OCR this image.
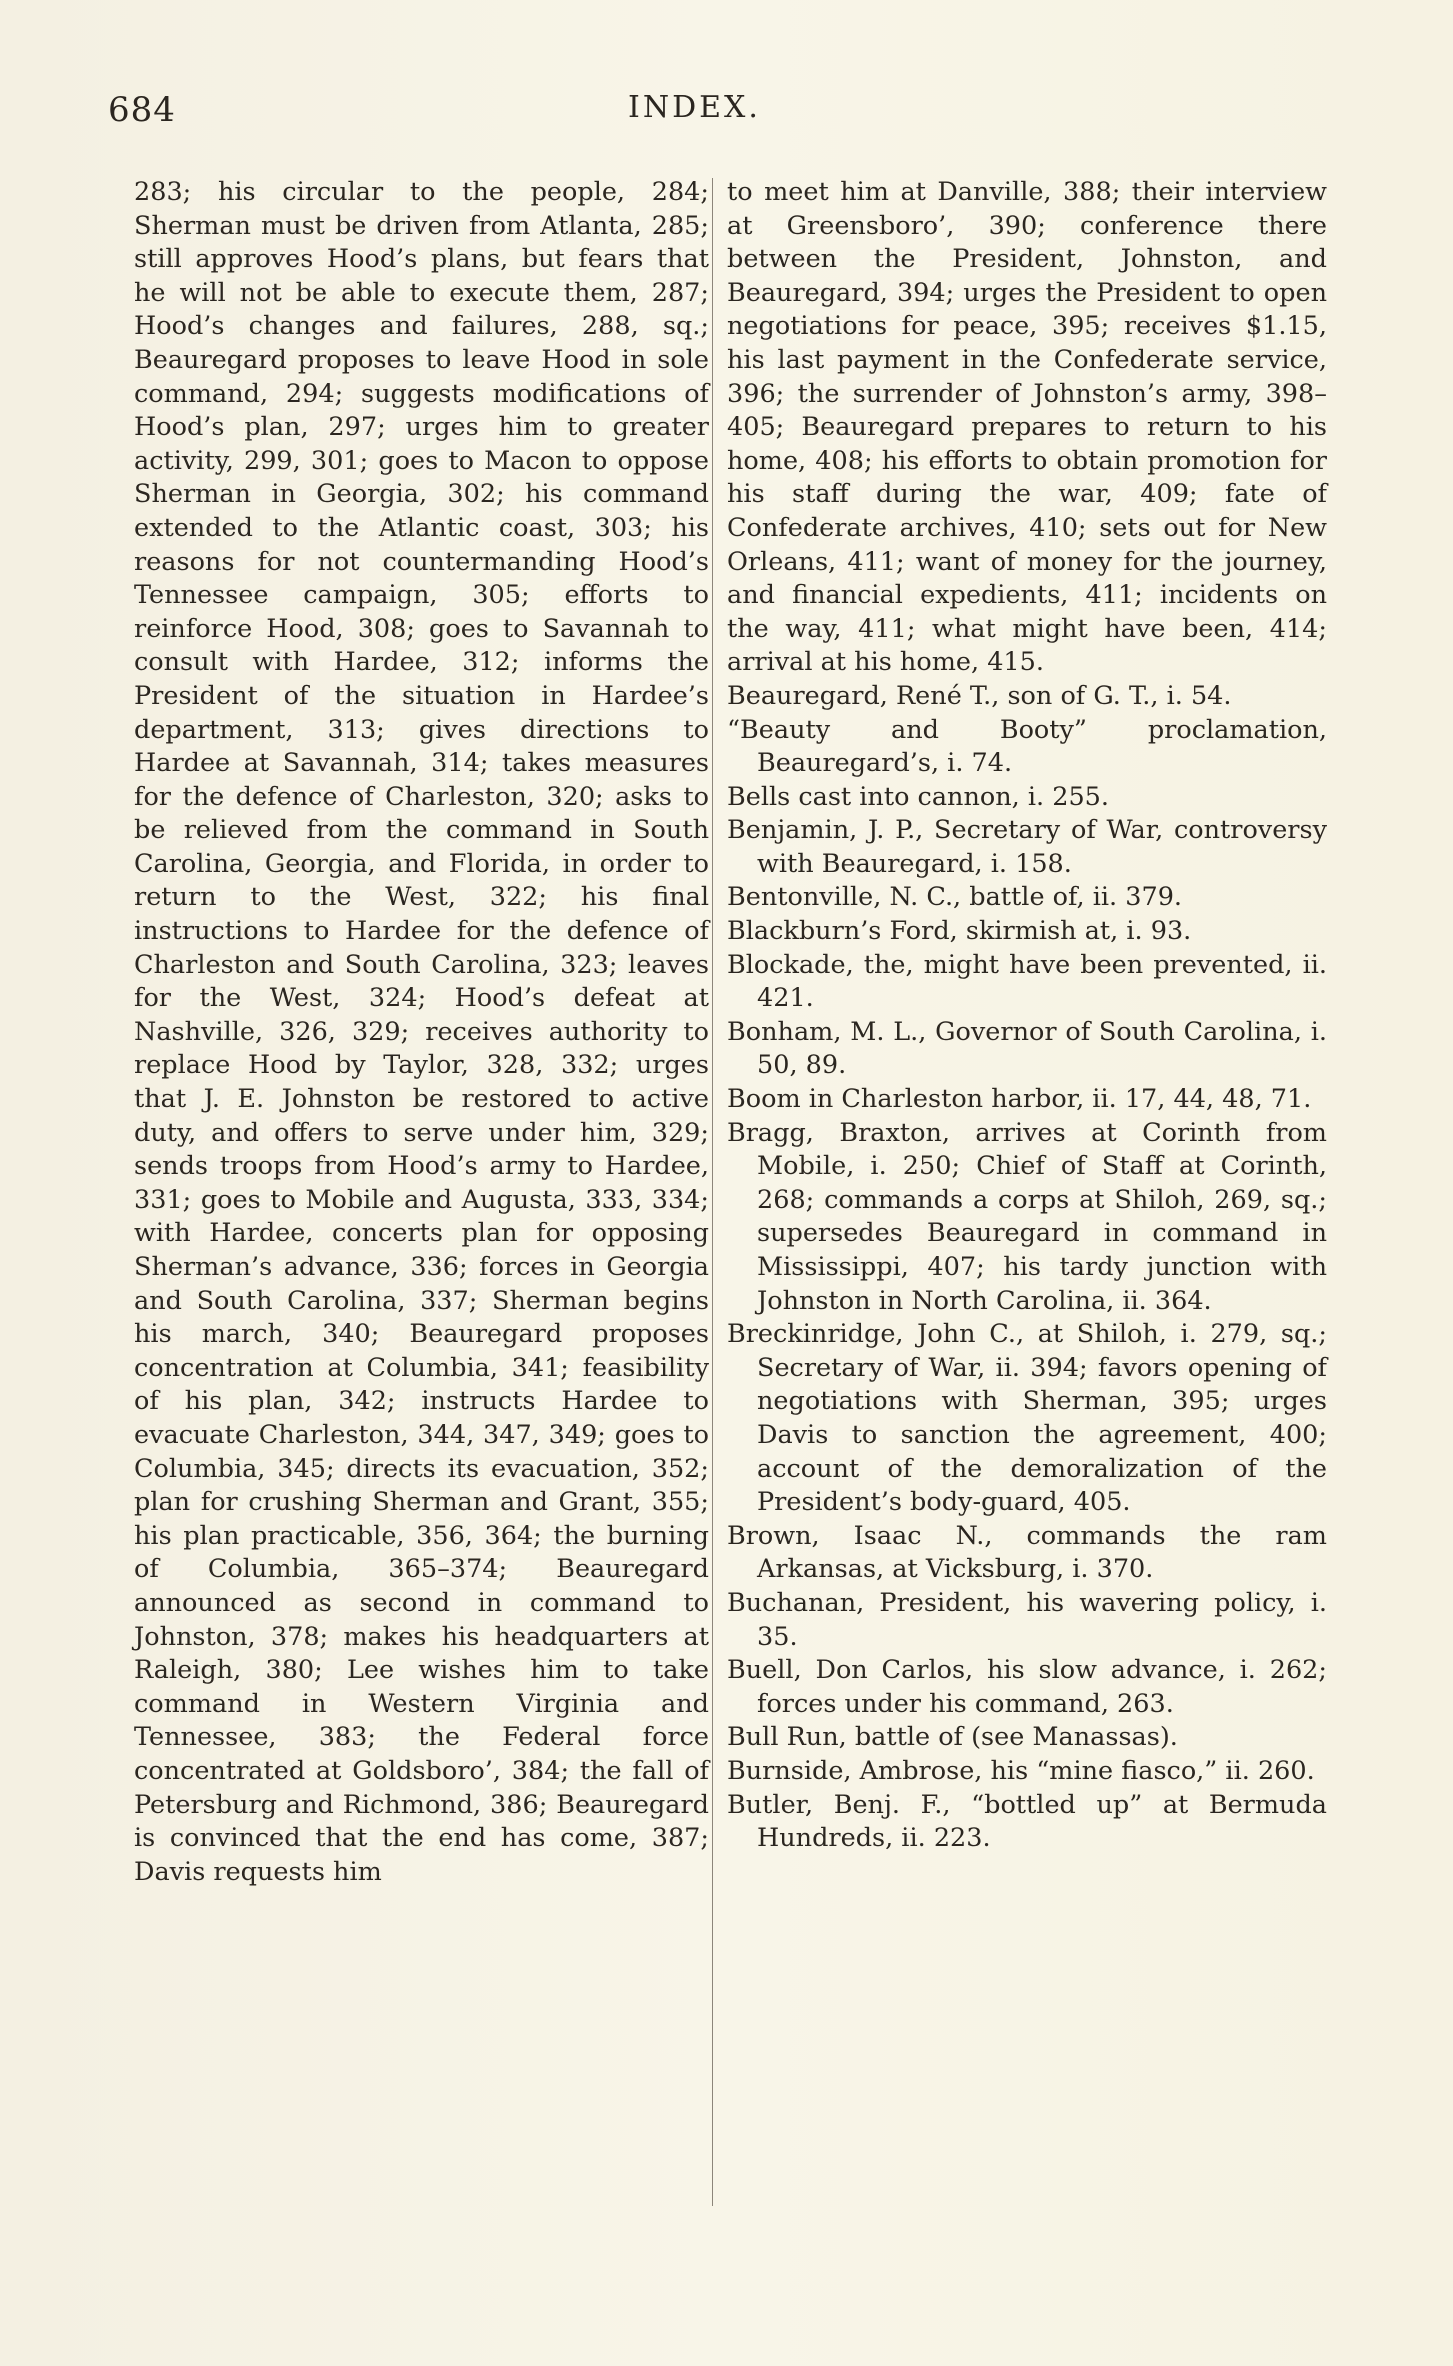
684	INDEX.

283; his circular to the people, 284; Sherman must be driven from Atlanta, 285; still approves Hood’s plans, but fears that he will not be able to execute them, 287; Hood’s changes and failures, 288, sq.; Beauregard proposes to leave Hood in sole command, 294; suggests modifications of Hood’s plan, 297; urges him to greater activity, 299, 301; goes to Macon to oppose Sherman in Georgia, 302; his command extended to the Atlantic coast, 303; his reasons for not countermanding Hood’s Tennessee campaign, 305; efforts to reinforce Hood, 308; goes to Savannah to consult with Hardee, 312; informs the President of the situation in Hardee’s department, 313; gives directions to Hardee at Savannah, 314; takes measures for the defence of Charleston, 320; asks to be relieved from the command in South Carolina, Georgia, and Florida, in order to return to the West, 322; his final instructions to Hardee for the defence of Charleston and South Carolina, 323; leaves for the West, 324; Hood’s defeat at Nashville, 326, 329; receives authority to replace Hood by Taylor, 328, 332; urges that J. E. Johnston be restored to active duty, and offers to serve under him, 329; sends troops from Hood’s army to Hardee, 331; goes to Mobile and Augusta, 333, 334; with Hardee, concerts plan for opposing Sherman’s advance, 336; forces in Georgia and South Carolina, 337; Sherman begins his march, 340; Beauregard proposes concentration at Columbia, 341; feasibility of his plan, 342; instructs Hardee to evacuate Charleston, 344, 347, 349; goes to Columbia, 345; directs its evacuation, 352; plan for crushing Sherman and Grant, 355; his plan practicable, 356, 364; the burning of Columbia, 365–374; Beauregard announced as second in command to Johnston, 378; makes his headquarters at Raleigh, 380; Lee wishes him to take command in Western Virginia and Tennessee, 383; the Federal force concentrated at Goldsboro’, 384; the fall of Petersburg and Richmond, 386; Beauregard is convinced that the end has come, 387; Davis requests him

to meet him at Danville, 388; their interview at Greensboro’, 390; conference there between the President, Johnston, and Beauregard, 394; urges the President to open negotiations for peace, 395; receives $1.15, his last payment in the Confederate service, 396; the surrender of Johnston’s army, 398–405; Beauregard prepares to return to his home, 408; his efforts to obtain promotion for his staff during the war, 409; fate of Confederate archives, 410; sets out for New Orleans, 411; want of money for the journey, and financial expedients, 411; incidents on the way, 411; what might have been, 414; arrival at his home, 415.

Beauregard, René T., son of G. T., i. 54.

“Beauty and Booty” proclamation, Beauregard’s, i. 74.

Bells cast into cannon, i. 255.

Benjamin, J. P., Secretary of War, controversy with Beauregard, i. 158.

Bentonville, N. C., battle of, ii. 379.

Blackburn’s Ford, skirmish at, i. 93.

Blockade, the, might have been prevented, ii. 421.

Bonham, M. L., Governor of South Carolina, i. 50, 89.

Boom in Charleston harbor, ii. 17, 44, 48, 71.

Bragg, Braxton, arrives at Corinth from Mobile, i. 250; Chief of Staff at Corinth, 268; commands a corps at Shiloh, 269, sq.; supersedes Beauregard in command in Mississippi, 407; his tardy junction with Johnston in North Carolina, ii. 364.

Breckinridge, John C., at Shiloh, i. 279, sq.; Secretary of War, ii. 394; favors opening of negotiations with Sherman, 395; urges Davis to sanction the agreement, 400; account of the demoralization of the President’s body-guard, 405.

Brown, Isaac N., commands the ram Arkansas, at Vicksburg, i. 370.

Buchanan, President, his wavering policy, i. 35.

Buell, Don Carlos, his slow advance, i. 262; forces under his command, 263.

Bull Run, battle of (see Manassas).

Burnside, Ambrose, his “mine fiasco,” ii. 260.

Butler, Benj. F., “bottled up” at Bermuda Hundreds, ii. 223.
